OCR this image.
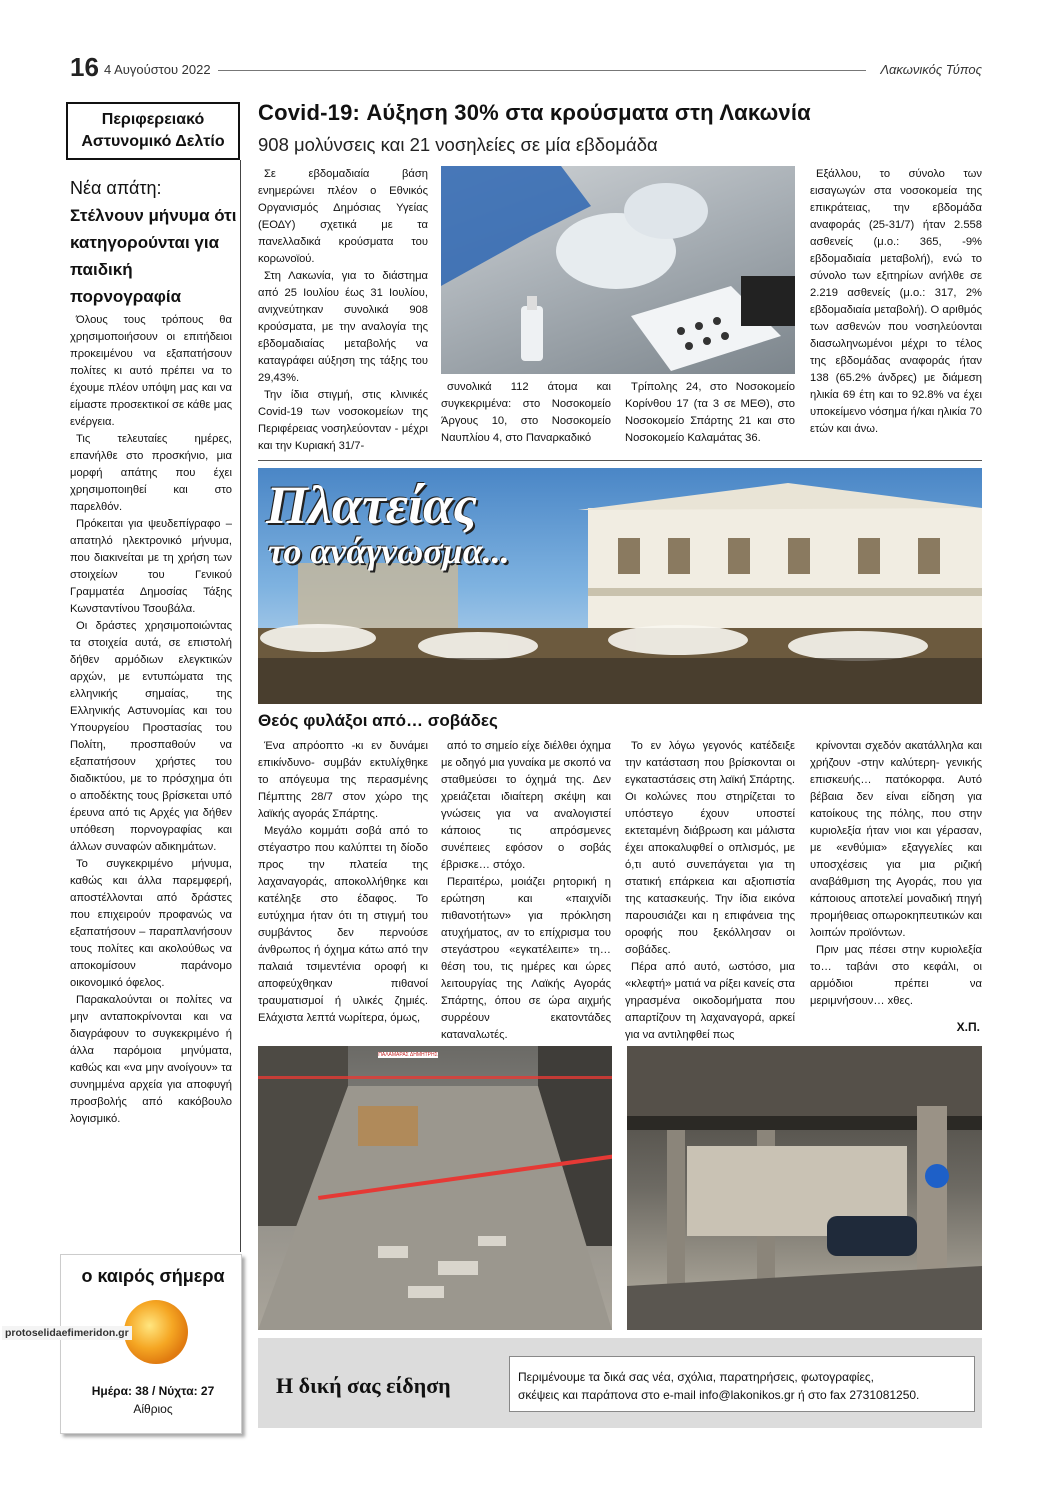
16 4 Αυγούστου 2022	Λακωνικός Τύπος
Περιφερειακό
Αστυνομικό Δελτίο
Νέα απάτη:
Στέλνουν μήνυμα ότι κατηγορούνται για παιδική πορνογραφία

Όλους τους τρόπους θα χρησιμοποιήσουν οι επιτήδειοι προκειμένου να εξαπατήσουν πολίτες κι αυτό πρέπει να το έχουμε πλέον υπόψη μας και να είμαστε προσεκτικοί σε κάθε μας ενέργεια.

Τις τελευταίες ημέρες, επανήλθε στο προσκήνιο, μια μορφή απάτης που έχει χρησιμοποιηθεί και στο παρελθόν.

Πρόκειται για ψευδεπίγραφο – απατηλό ηλεκτρονικό μήνυμα, που διακινείται με τη χρήση των στοιχείων του Γενικού Γραμματέα Δημοσίας Τάξης Κωνσταντίνου Τσουβάλα.

Οι δράστες χρησιμοποιώντας τα στοιχεία αυτά, σε επιστολή δήθεν αρμόδιων ελεγκτικών αρχών, με εντυπώματα της ελληνικής σημαίας, της Ελληνικής Αστυνομίας και του Υπουργείου Προστασίας του Πολίτη, προσπαθούν να εξαπατήσουν χρήστες του διαδικτύου, με το πρόσχημα ότι ο αποδέκτης τους βρίσκεται υπό έρευνα από τις Αρχές για δήθεν υπόθεση πορνογραφίας και άλλων συναφών αδικημάτων.

Το συγκεκριμένο μήνυμα, καθώς και άλλα παρεμφερή, αποστέλλονται από δράστες που επιχειρούν προφανώς να εξαπατήσουν – παραπλανήσουν τους πολίτες και ακολούθως να αποκομίσουν παράνομο οικονομικό όφελος.

Παρακαλούνται οι πολίτες να μην ανταποκρίνονται και να διαγράφουν το συγκεκριμένο ή άλλα παρόμοια μηνύματα, καθώς και «να μην ανοίγουν» τα συνημμένα αρχεία για αποφυγή προσβολής από κακόβουλο λογισμικό.

ο καιρός σήμερα
Ημέρα: 38 / Νύχτα: 27
Αίθριος
protoselidaefimeridon.gr
Covid-19: Αύξηση 30% στα κρούσματα στη Λακωνία
908 μολύνσεις και 21 νοσηλείες σε μία εβδομάδα

Σε εβδομαδιαία βάση ενημερώνει πλέον ο Εθνικός Οργανισμός Δημόσιας Υγείας (ΕΟΔΥ) σχετικά με τα πανελλαδικά κρούσματα του κορωνοϊού.

Στη Λακωνία, για το διάστημα από 25 Ιουλίου έως 31 Ιουλίου, ανιχνεύτηκαν συνολικά 908 κρούσματα, με την αναλογία της εβδομαδιαίας μεταβολής να καταγράφει αύξηση της τάξης του 29,43%.

Την ίδια στιγμή, στις κλινικές Covid-19 των νοσοκομείων της Περιφέρειας νοσηλεύονταν - μέχρι και την Κυριακή 31/7-

συνολικά 112 άτομα και συγκεκριμένα: στο Νοσοκομείο Άργους 10, στο Νοσοκομείο Ναυπλίου 4, στο Παναρκαδικό

Τρίπολης 24, στο Νοσοκομείο Κορίνθου 17 (τα 3 σε ΜΕΘ), στο Νοσοκομείο Σπάρτης 21 και στο Νοσοκομείο Καλαμάτας 36.

Εξάλλου, το σύνολο των εισαγωγών στα νοσοκομεία της επικράτειας, την εβδομάδα αναφοράς (25-31/7) ήταν 2.558 ασθενείς (μ.ο.: 365, -9% εβδομαδιαία μεταβολή), ενώ το σύνολο των εξιτηρίων ανήλθε σε 2.219 ασθενείς (μ.ο.: 317, 2% εβδομαδιαία μεταβολή). Ο αριθμός των ασθενών που νοσηλεύονται διασωληνωμένοι μέχρι το τέλος της εβδομάδας αναφοράς ήταν 138 (65.2% άνδρες) με διάμεση ηλικία 69 έτη και το 92.8% να έχει υποκείμενο νόσημα ή/και ηλικία 70 ετών και άνω.

Πλατείας
το ανάγνωσμα...
Θεός φυλάξοι από… σοβάδες

Ένα απρόοπτο -κι εν δυνάμει επικίνδυνο- συμβάν εκτυλίχθηκε το απόγευμα της περασμένης Πέμπτης 28/7 στον χώρο της λαϊκής αγοράς Σπάρτης.

Μεγάλο κομμάτι σοβά από το στέγαστρο που καλύπτει τη δίοδο προς την πλατεία της λαχαναγοράς, αποκολλήθηκε και κατέληξε στο έδαφος. Το ευτύχημα ήταν ότι τη στιγμή του συμβάντος δεν περνούσε άνθρωπος ή όχημα κάτω από την παλαιά τσιμεντένια οροφή κι αποφεύχθηκαν πιθανοί τραυματισμοί ή υλικές ζημιές. Ελάχιστα λεπτά νωρίτερα, όμως,

από το σημείο είχε διέλθει όχημα με οδηγό μια γυναίκα με σκοπό να σταθμεύσει το όχημά της. Δεν χρειάζεται ιδιαίτερη σκέψη και γνώσεις για να αναλογιστεί κάποιος τις απρόσμενες συνέπειες εφόσον ο σοβάς έβρισκε… στόχο.

Περαιτέρω, μοιάζει ρητορική η ερώτηση και «παιχνίδι πιθανοτήτων» για πρόκληση ατυχήματος, αν το επίχρισμα του στεγάστρου «εγκατέλειπε» τη… θέση του, τις ημέρες και ώρες λειτουργίας της Λαϊκής Αγοράς Σπάρτης, όπου σε ώρα αιχμής συρρέουν εκατοντάδες καταναλωτές.

Το εν λόγω γεγονός κατέδειξε την κατάσταση που βρίσκονται οι εγκαταστάσεις στη λαϊκή Σπάρτης. Οι κολώνες που στηρίζεται το υπόστεγο έχουν υποστεί εκτεταμένη διάβρωση και μάλιστα έχει αποκαλυφθεί ο οπλισμός, με ό,τι αυτό συνεπάγεται για τη στατική επάρκεια και αξιοπιστία της κατασκευής. Την ίδια εικόνα παρουσιάζει και η επιφάνεια της οροφής που ξεκόλλησαν οι σοβάδες.

Πέρα από αυτό, ωστόσο, μια «κλεφτή» ματιά να ρίξει κανείς στα γηρασμένα οικοδομήματα που απαρτίζουν τη λαχαναγορά, αρκεί για να αντιληφθεί πως

κρίνονται σχεδόν ακατάλληλα και χρήζουν -στην καλύτερη- γενικής επισκευής… πατόκορφα. Αυτό βέβαια δεν είναι είδηση για κατοίκους της πόλης, που στην κυριολεξία ήταν νιοι και γέρασαν, με «ενθύμια» εξαγγελίες και υποσχέσεις για μια ριζική αναβάθμιση της Αγοράς, που για κάποιους αποτελεί μοναδική πηγή προμήθειας οπωροκηπευτικών και λοιπών προϊόντων.

Πριν μας πέσει στην κυριολεξία το… ταβάνι στο κεφάλι, οι αρμόδιοι πρέπει να μεριμνήσουν… xθες.

Χ.Π.
ΠΑΛΑΜΑΡΑΣ ΔΗΜΗΤΡΗΣ
Η δική σας είδηση	Περιμένουμε τα δικά σας νέα, σχόλια, παρατηρήσεις, φωτογραφίες,
σκέψεις και παράπονα στο e-mail info@lakonikos.gr ή στο fax 2731081250.
